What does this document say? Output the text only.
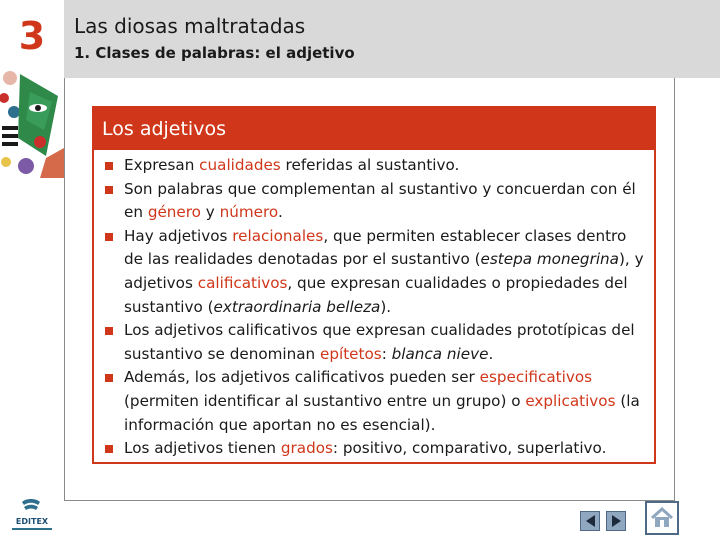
3
EDITEX
Las diosas maltratadas
1. Clases de palabras: el adjetivo
Los adjetivos
Expresan cualidades referidas al sustantivo.
Son palabras que complementan al sustantivo y concuerdan con él en género y número.
Hay adjetivos relacionales, que permiten establecer clases dentro de las realidades denotadas por el sustantivo (estepa monegrina), y adjetivos calificativos, que expresan cualidades o propiedades del sustantivo (extraordinaria belleza).
Los adjetivos calificativos que expresan cualidades prototípicas del sustantivo se denominan epítetos: blanca nieve.
Además, los adjetivos calificativos pueden ser especificativos (permiten identificar al sustantivo entre un grupo) o explicativos (la información que aportan no es esencial).
Los adjetivos tienen grados: positivo, comparativo, superlativo.
